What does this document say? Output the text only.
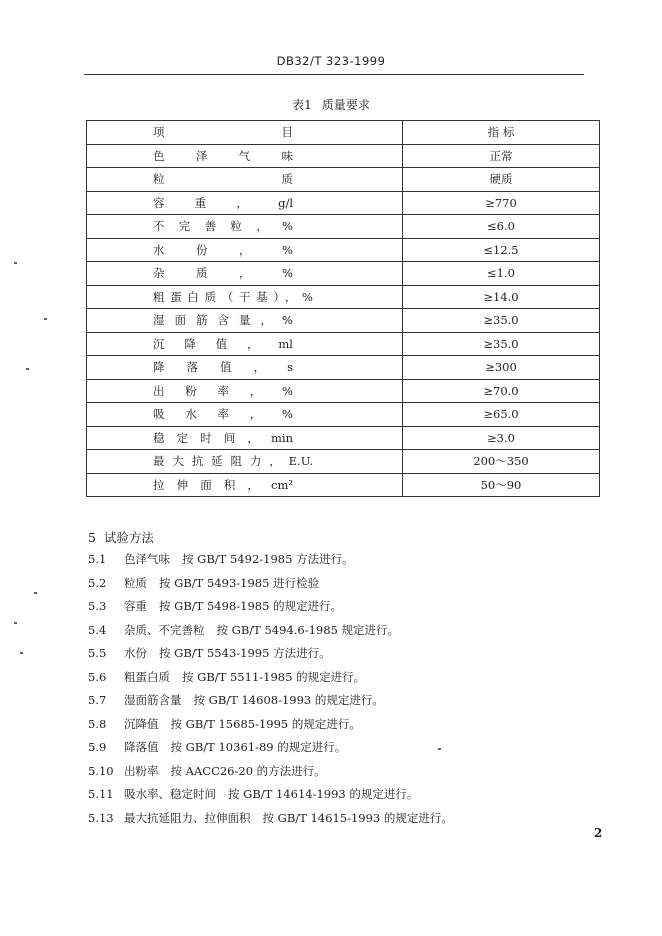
DB32/T 323-1999
表1 质量要求
项 目	指 标
色泽气味	正常
粒质	硬质
容重，g/l	≥770
不完善粒，%	≤6.0
水份，%	≤12.5
杂质，%	≤1.0
粗蛋白质（干基），%	≥14.0
湿面筋含量，%	≥35.0
沉降值，ml	≥35.0
降落值，s	≥300
出粉率，%	≥70.0
吸水率，%	≥65.0
稳定时间，min	≥3.0
最大抗延阻力，E.U.	200～350
拉伸面积，cm²	50～90
5 试验方法
5.1 色泽气味 按 GB/T 5492-1985 方法进行。
5.2 粒质 按 GB/T 5493-1985 进行检验
5.3 容重 按 GB/T 5498-1985 的规定进行。
5.4 杂质、不完善粒 按 GB/T 5494.6-1985 规定进行。
5.5 水份 按 GB/T 5543-1995 方法进行。
5.6 粗蛋白质 按 GB/T 5511-1985 的规定进行。
5.7 湿面筋含量 按 GB/T 14608-1993 的规定进行。
5.8 沉降值 按 GB/T 15685-1995 的规定进行。
5.9 降落值 按 GB/T 10361-89 的规定进行。
5.10 出粉率 按 AACC26-20 的方法进行。
5.11 吸水率、稳定时间 按 GB/T 14614-1993 的规定进行。
5.13 最大抗延阻力、拉伸面积 按 GB/T 14615-1993 的规定进行。
2
